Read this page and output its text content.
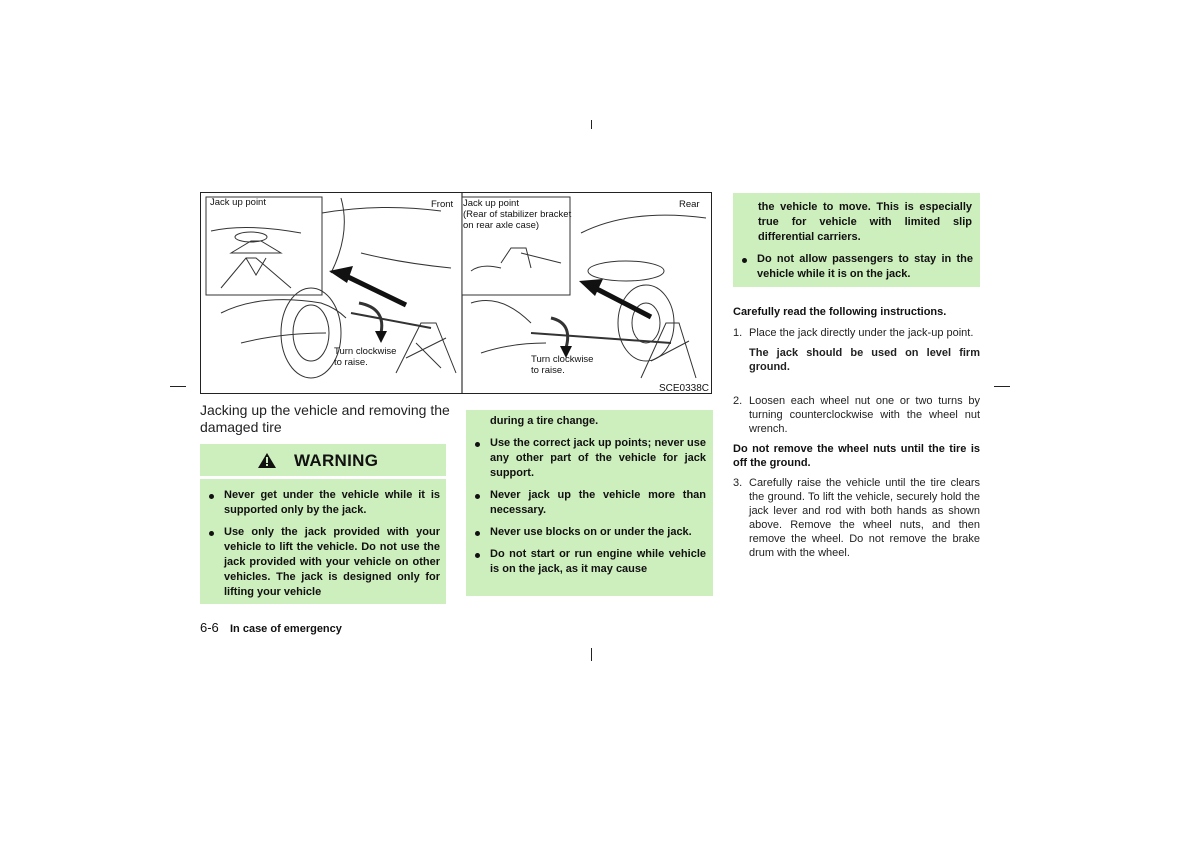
Jack up point	Front Jack up point
(Rear of stabilizer bracket
on rear axle case)
Rear
Turn clockwise
to raise.	Turn clockwise
to raise.
SCE0338C
Jacking up the vehicle and removing the damaged tire
WARNING
Never get under the vehicle while it is supported only by the jack.
Use only the jack provided with your vehicle to lift the vehicle. Do not use the jack provided with your vehicle on other vehicles. The jack is designed only for lifting your vehicle
during a tire change.
Use the correct jack up points; never use any other part of the vehicle for jack support.
Never jack up the vehicle more than necessary.
Never use blocks on or under the jack.
Do not start or run engine while vehicle is on the jack, as it may cause
the vehicle to move. This is especially true for vehicle with limited slip differential carriers.
Do not allow passengers to stay in the vehicle while it is on the jack.
Carefully read the following instructions.
1. Place the jack directly under the jack-up point.
The jack should be used on level firm ground.
2. Loosen each wheel nut one or two turns by turning counterclockwise with the wheel nut wrench.
Do not remove the wheel nuts until the tire is off the ground.
3. Carefully raise the vehicle until the tire clears the ground. To lift the vehicle, securely hold the jack lever and rod with both hands as shown above. Remove the wheel nuts, and then remove the wheel. Do not remove the brake drum with the wheel.
6-6 In case of emergency
